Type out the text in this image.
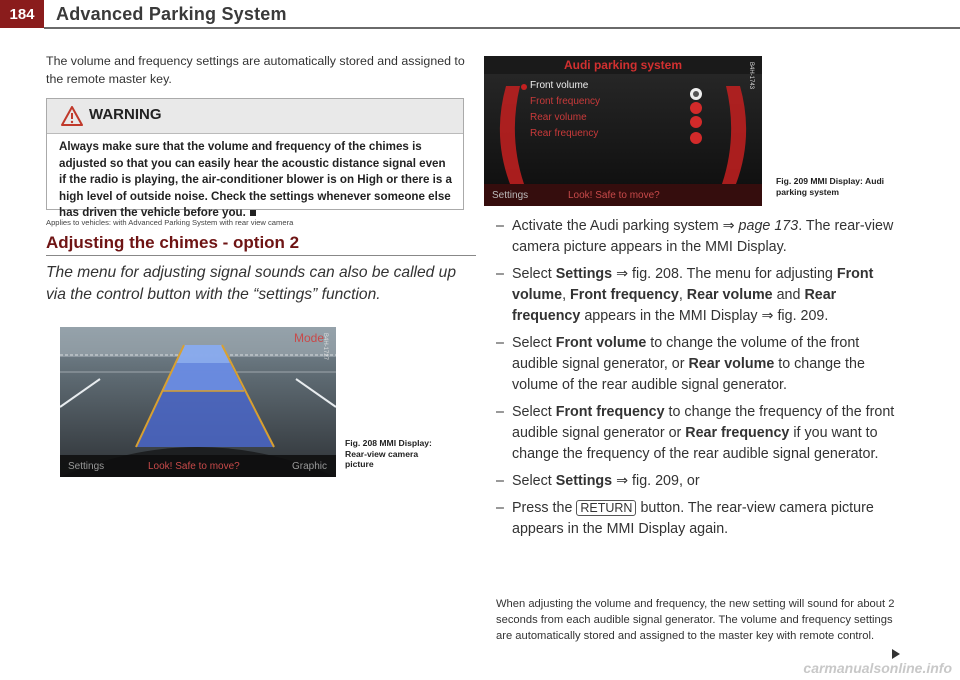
184	Advanced Parking System
The volume and frequency settings are automatically stored and assigned to the remote master key.
WARNING
Always make sure that the volume and frequency of the chimes is adjusted so that you can easily hear the acoustic distance signal even if the radio is playing, the air-conditioner blower is on High or there is a high level of outside noise. Check the settings whenever someone else has driven the vehicle before you.
Applies to vehicles: with Advanced Parking System with rear view camera
Adjusting the chimes - option 2
The menu for adjusting signal sounds can also be called up via the control button with the “settings” function.
Mode
B4H-1727
Settings	Look! Safe to move?	Graphic
Fig. 208 MMI Display: Rear-view camera picture
Audi parking system
Front volume
Front frequency
Rear volume
Rear frequency
B4H-1743
Settings	Look! Safe to move?
Fig. 209 MMI Display: Audi parking system
– Activate the Audi parking system ⇒ page 173. The rear-view camera picture appears in the MMI Display.
– Select Settings ⇒ fig. 208. The menu for adjusting Front volume, Front frequency, Rear volume and Rear frequency appears in the MMI Display ⇒ fig. 209.
– Select Front volume to change the volume of the front audible signal generator, or Rear volume to change the volume of the rear audible signal generator.
– Select Front frequency to change the frequency of the front audible signal generator or Rear frequency if you want to change the frequency of the rear audible signal generator.
– Select Settings ⇒ fig. 209, or
– Press the RETURN button. The rear-view camera picture appears in the MMI Display again.
When adjusting the volume and frequency, the new setting will sound for about 2 seconds from each audible signal generator. The volume and frequency settings are automatically stored and assigned to the master key with remote control.
carmanualsonline.info
